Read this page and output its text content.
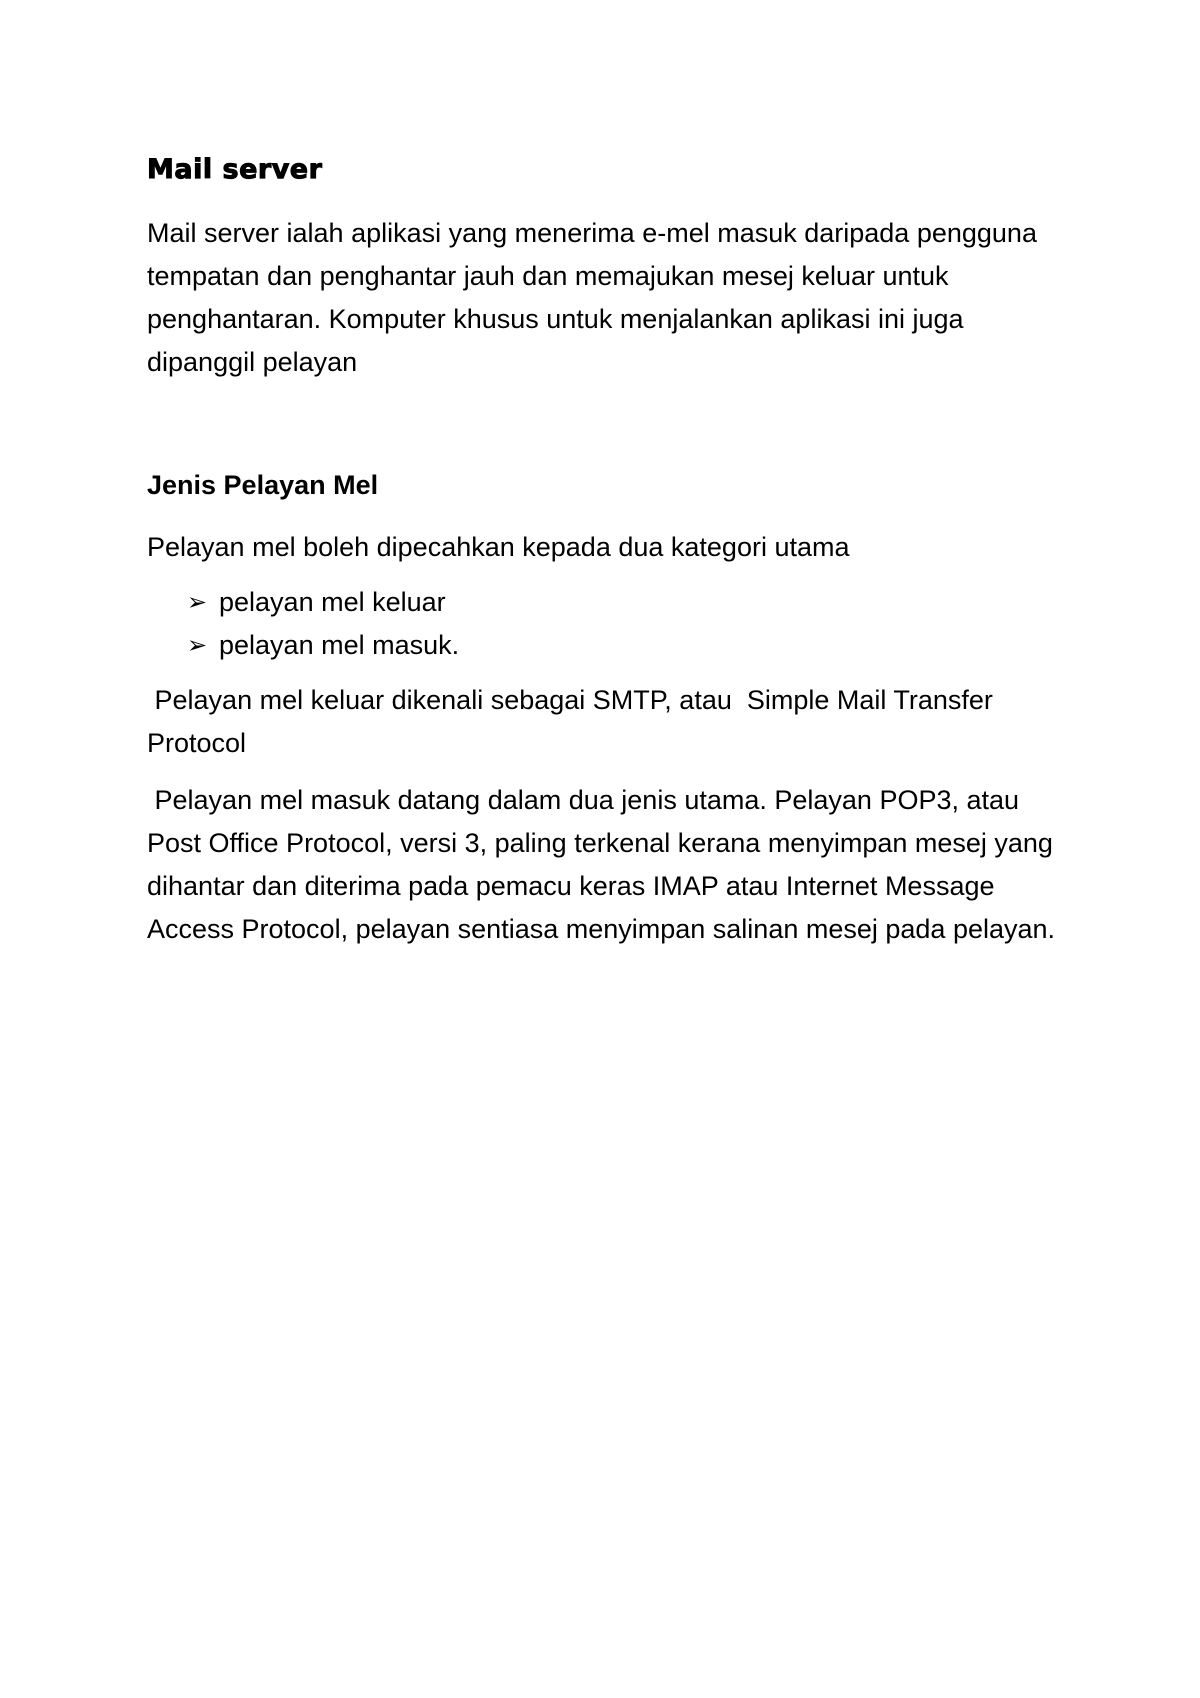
Mail server

Mail server ialah aplikasi yang menerima e-mel masuk daripada pengguna tempatan dan penghantar jauh dan memajukan mesej keluar untuk penghantaran. Komputer khusus untuk menjalankan aplikasi ini juga dipanggil pelayan

Jenis Pelayan Mel

Pelayan mel boleh dipecahkan kepada dua kategori utama

➢ pelayan mel keluar
➢ pelayan mel masuk.

Pelayan mel keluar dikenali sebagai SMTP, atau  Simple Mail Transfer Protocol

Pelayan mel masuk datang dalam dua jenis utama. Pelayan POP3, atau Post Office Protocol, versi 3, paling terkenal kerana menyimpan mesej yang dihantar dan diterima pada pemacu keras IMAP atau Internet Message Access Protocol, pelayan sentiasa menyimpan salinan mesej pada pelayan.
